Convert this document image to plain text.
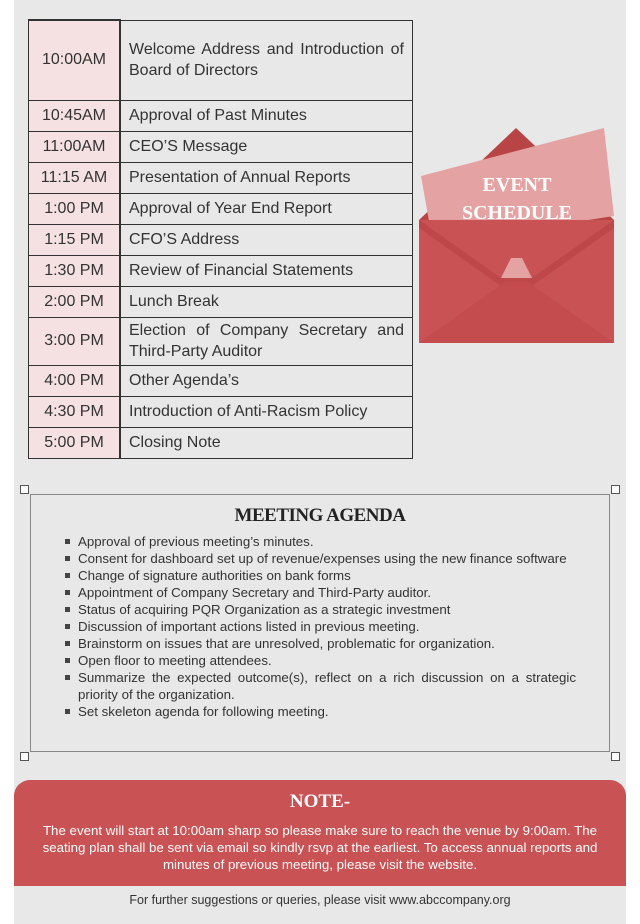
10:00AM	Welcome Address and Introduction of Board of Directors
10:45AM	Approval of Past Minutes
11:00AM	CEO’S Message
11:15 AM	Presentation of Annual Reports
1:00 PM	Approval of Year End Report
1:15 PM	CFO’S Address
1:30 PM	Review of Financial Statements
2:00 PM	Lunch Break
3:00 PM	Election of Company Secretary and Third-Party Auditor
4:00 PM	Other Agenda’s
4:30 PM	Introduction of Anti-Racism Policy
5:00 PM	Closing Note
EVENT
SCHEDULE
MEETING AGENDA
Approval of previous meeting’s minutes.
Consent for dashboard set up of revenue/expenses using the new finance software
Change of signature authorities on bank forms
Appointment of Company Secretary and Third-Party auditor.
Status of acquiring PQR Organization as a strategic investment
Discussion of important actions listed in previous meeting.
Brainstorm on issues that are unresolved, problematic for organization.
Open floor to meeting attendees.
Summarize the expected outcome(s), reflect on a rich discussion on a strategic priority of the organization.
Set skeleton agenda for following meeting.
NOTE-
The event will start at 10:00am sharp so please make sure to reach the venue by 9:00am. The seating plan shall be sent via email so kindly rsvp at the earliest. To access annual reports and minutes of previous meeting, please visit the website.
For further suggestions or queries, please visit www.abccompany.org
